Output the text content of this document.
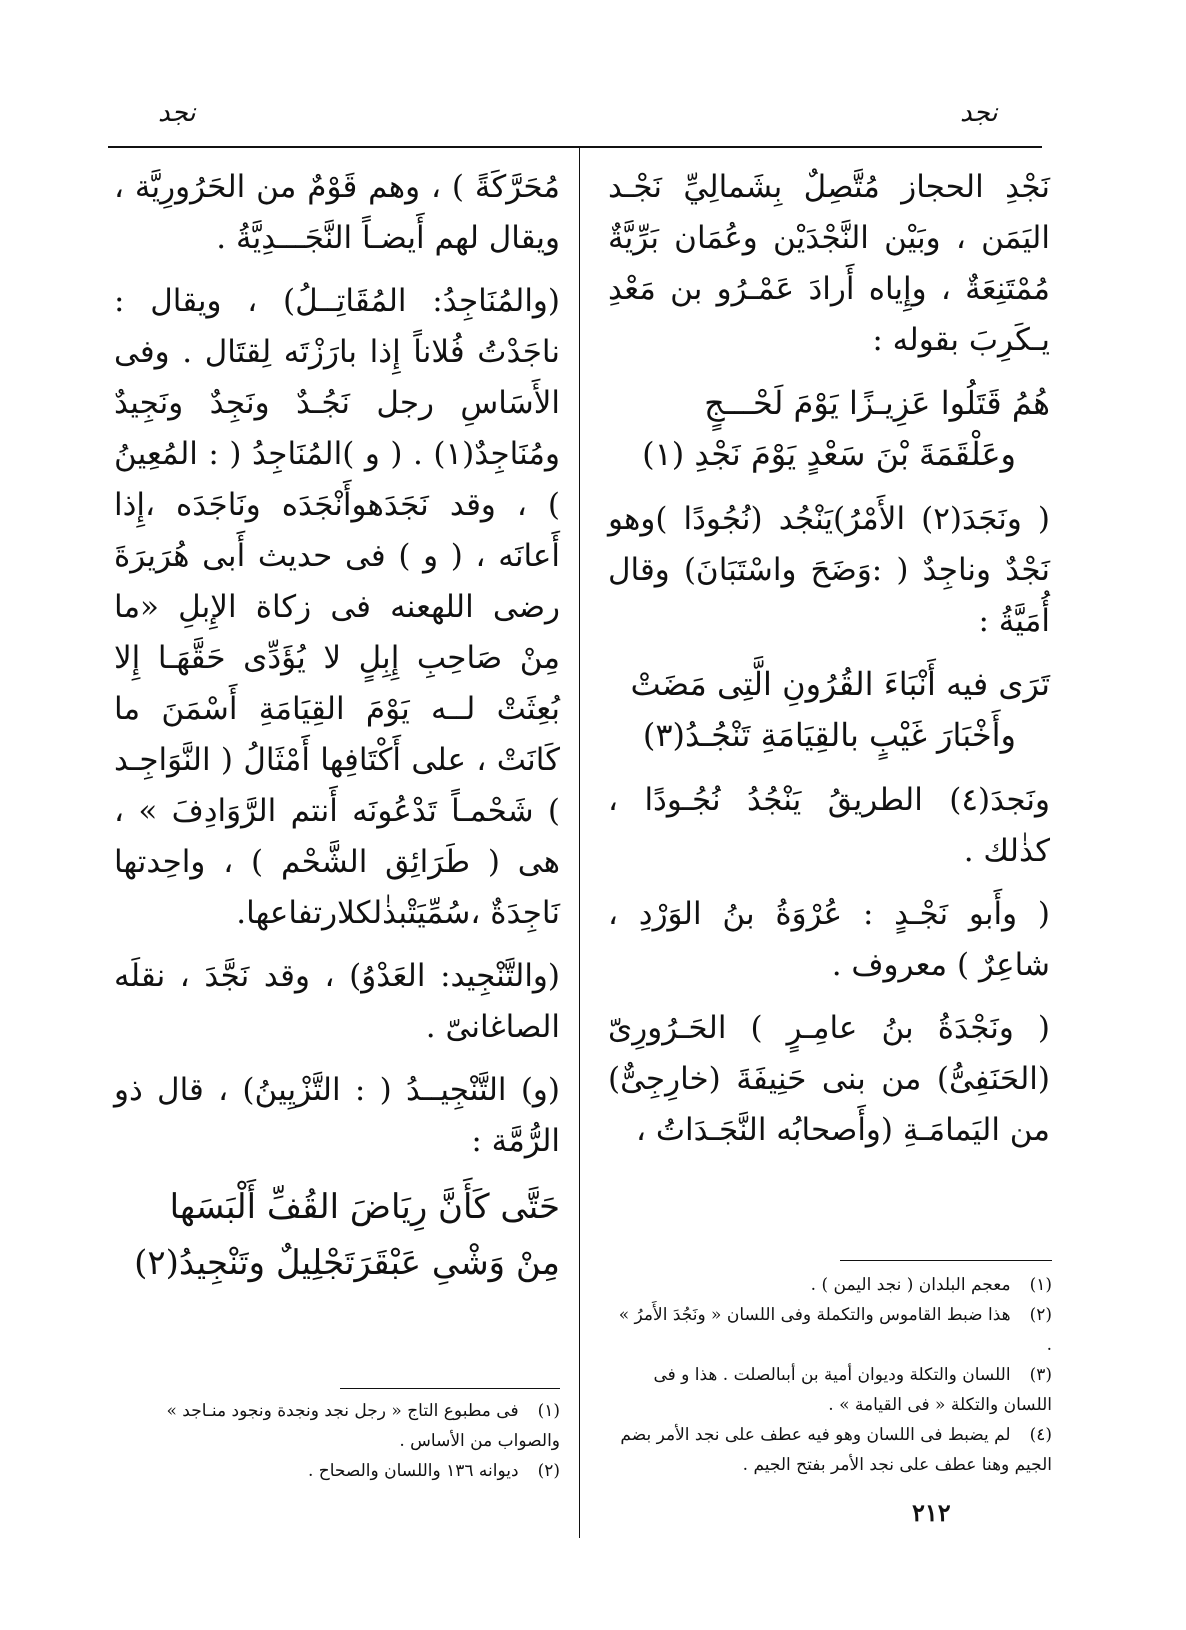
نجد
نجد

نَجْدِ الحجاز مُتَّصِلٌ بِشَمالِيِّ نَجْـد اليَمَن ، وبَيْن النَّجْدَيْن وعُمَان بَرِّيَّةٌ مُمْتَنِعَةٌ ، وإِياه أَرادَ عَمْـرُو بن مَعْدِ يـكَرِبَ بقوله :

هُمُ قَتَلُوا عَزِيـزًا يَوْمَ لَحْـــجٍ

وعَلْقَمَةَ بْنَ سَعْدٍ يَوْمَ نَجْدِ (١)

( ونَجَدَ(٢) الأَمْرُ)يَنْجُد (نُجُودًا )وهو نَجْدٌ وناجِدٌ ( :وَضَحَ واسْتَبَانَ) وقال أُمَيَّةُ :

تَرَى فيه أَنْبَاءَ القُرُونِ الَّتِى مَضَتْ

وأَخْبَارَ غَيْبٍ بالقِيَامَةِ تَنْجُـدُ(٣)

ونَجدَ(٤) الطريقُ يَنْجُدُ نُجُـودًا ، كذٰلك .

( وأَبو نَجْـدٍ : عُرْوَةُ بنُ الوَرْدِ ، شاعِرٌ ) معروف .

( ونَجْدَةُ بنُ عامِـرٍ ) الحَـرُورِىّ (الحَنَفِىُّ) من بنى حَنِيفَةَ (خارِجِىٌّ) من اليَمامَـةِ (وأَصحابُه النَّجَـدَاتُ ،

(١) معجم البلدان ( نجد اليمن ) .

(٢) هذا ضبط القاموس والتكملة وفى اللسان « ونَجُدَ الأَمرُ » .

(٣) اللسان والتكلة وديوان أمية بن أبىالصلت . هذا و فى اللسان والتكلة « فى القيامة » .

(٤) لم يضبط فى اللسان وهو فيه عطف على نجد الأمر بضم الجيم وهنا عطف على نجد الأمر بفتح الجيم .

مُحَرَّكَةً ) ، وهم قَوْمٌ من الحَرُورِيَّة ، ويقال لهم أَيضـاً النَّجَـــدِيَّةُ .

(والمُنَاجِدُ: المُقَاتِــلُ) ، ويقال : ناجَدْتُ فُلاناً إِذا بارَزْتَه لِقتَال . وفى الأَسَاسِ رجل نَجُـدٌ ونَجِدٌ ونَجِيدٌ ومُنَاجِدٌ(١) . ( و )المُنَاجِدُ ( : المُعِينُ ) ، وقد نَجَدَهوأَنْجَدَه ونَاجَدَه ،إِذا أَعانَه ، ( و ) فى حديث أَبى هُرَيرَةَ رضى اللهعنه فى زكاة الإِبلِ «ما مِنْ صَاحِبِ إِبِلٍ لا يُؤَدِّى حَقَّهَـا إِلا بُعِثَتْ لــه يَوْمَ القِيَامَةِ أَسْمَنَ ما كَانَتْ ، على أَكْتَافِها أَمْثَالُ ( النَّوَاجِـد ) شَحْمـاً تَدْعُونَه أَنتم الرَّوَادِفَ » ، هى ( طَرَائِق الشَّحْم ) ، واحِدتها نَاجِدَةٌ ،سُمِّيَتْبذٰلكلارتفاعها.

(والتَّنْجِيد: العَدْوُ) ، وقد نَجَّدَ ، نقلَه الصاغانىّ .

(و) التَّنْجِيــدُ ( : التَّزْيِينُ) ، قال ذو الرُّمَّة :

حَتَّى كَأَنَّ رِيَاضَ القُفِّ أَلْبَسَها

مِنْ وَشْىِ عَبْقَرَتَجْلِيلٌ وتَنْجِيدُ(٢)

(١) فى مطبوع التاج « رجل نجد ونجدة ونجود منـاجد » والصواب من الأساس .

(٢) ديوانه ١٣٦ واللسان والصحاح .

٢١٢
